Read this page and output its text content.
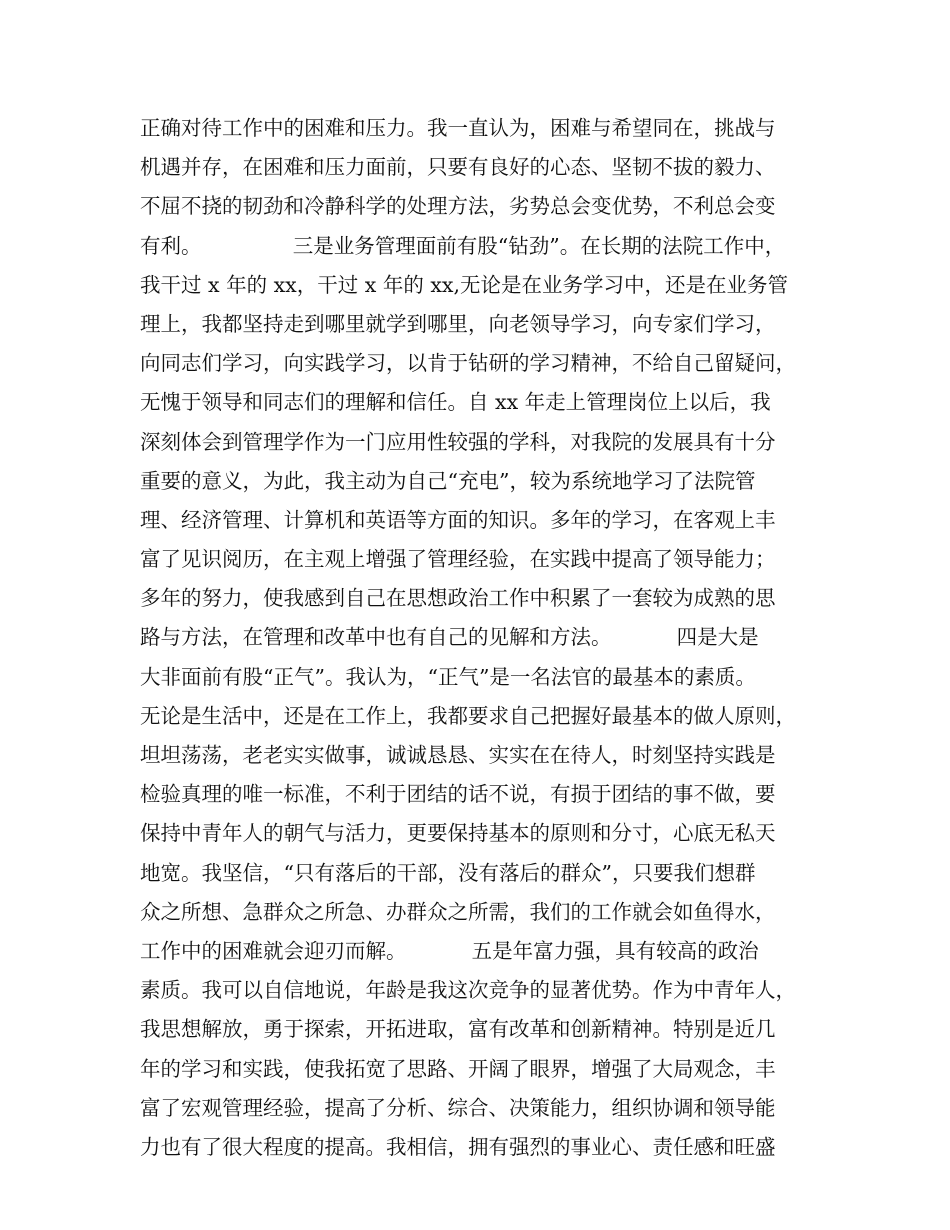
正确对待工作中的困难和压力。我一直认为，困难与希望同在，挑战与
机遇并存，在困难和压力面前，只要有良好的心态、坚韧不拔的毅力、
不屈不挠的韧劲和冷静科学的处理方法，劣势总会变优势，不利总会变
有利。              三是业务管理面前有股“钻劲”。在长期的法院工作中，
我干过 x 年的 xx，干过 x 年的 xx,无论是在业务学习中，还是在业务管
理上，我都坚持走到哪里就学到哪里，向老领导学习，向专家们学习，
向同志们学习，向实践学习，以肯于钻研的学习精神，不给自己留疑问，
无愧于领导和同志们的理解和信任。自 xx 年走上管理岗位上以后，我
深刻体会到管理学作为一门应用性较强的学科，对我院的发展具有十分
重要的意义，为此，我主动为自己“充电”，较为系统地学习了法院管
理、经济管理、计算机和英语等方面的知识。多年的学习，在客观上丰
富了见识阅历，在主观上增强了管理经验，在实践中提高了领导能力；
多年的努力，使我感到自己在思想政治工作中积累了一套较为成熟的思
路与方法，在管理和改革中也有自己的见解和方法。          四是大是
大非面前有股“正气”。我认为，“正气”是一名法官的最基本的素质。
无论是生活中，还是在工作上，我都要求自己把握好最基本的做人原则，
坦坦荡荡，老老实实做事，诚诚恳恳、实实在在待人，时刻坚持实践是
检验真理的唯一标准，不利于团结的话不说，有损于团结的事不做，要
保持中青年人的朝气与活力，更要保持基本的原则和分寸，心底无私天
地宽。我坚信，“只有落后的干部，没有落后的群众”，只要我们想群
众之所想、急群众之所急、办群众之所需，我们的工作就会如鱼得水，
工作中的困难就会迎刃而解。          五是年富力强，具有较高的政治
素质。我可以自信地说，年龄是我这次竞争的显著优势。作为中青年人，
我思想解放，勇于探索，开拓进取，富有改革和创新精神。特别是近几
年的学习和实践，使我拓宽了思路、开阔了眼界，增强了大局观念，丰
富了宏观管理经验，提高了分析、综合、决策能力，组织协调和领导能
力也有了很大程度的提高。我相信，拥有强烈的事业心、责任感和旺盛
